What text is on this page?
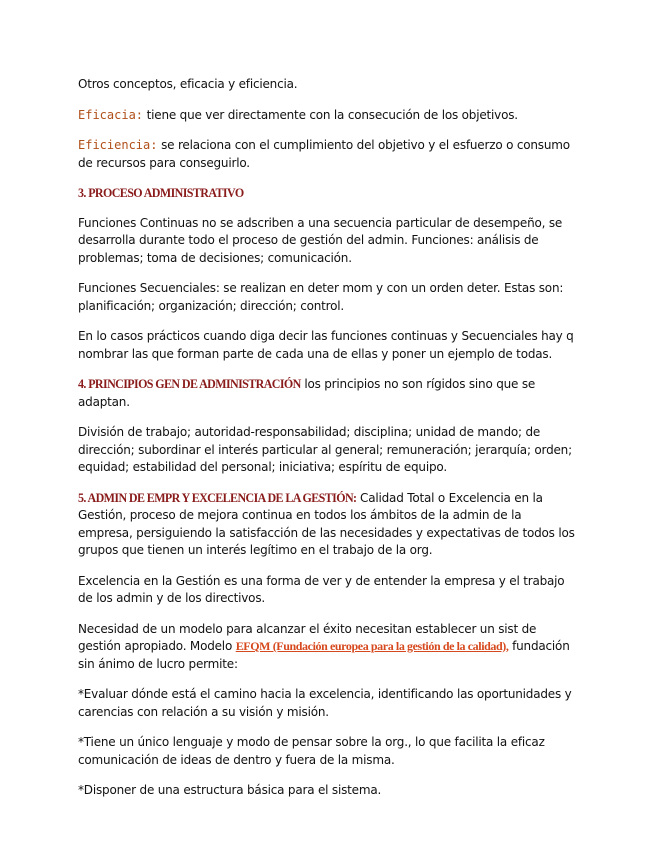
Otros conceptos, eficacia y eficiencia.

Eficacia: tiene que ver directamente con la consecución de los objetivos.

Eficiencia: se relaciona con el cumplimiento del objetivo y el esfuerzo o consumo de recursos para conseguirlo.

3. PROCESO ADMINISTRATIVO

Funciones Continuas no se adscriben a una secuencia particular de desempeño, se desarrolla durante todo el proceso de gestión del admin. Funciones: análisis de problemas; toma de decisiones; comunicación.

Funciones Secuenciales: se realizan en deter mom y con un orden deter. Estas son: planificación; organización; dirección; control.

En lo casos prácticos cuando diga decir las funciones continuas y Secuenciales hay q nombrar las que forman parte de cada una de ellas y poner un ejemplo de todas.

4. PRINCIPIOS GEN DE ADMINISTRACIÓN los principios no son rígidos sino que se adaptan.

División de trabajo; autoridad-responsabilidad; disciplina; unidad de mando; de dirección; subordinar el interés particular al general; remuneración; jerarquía; orden; equidad; estabilidad del personal; iniciativa; espíritu de equipo.

5. ADMIN DE EMPR Y EXCELENCIA DE LA GESTIÓN: Calidad Total o Excelencia en la Gestión, proceso de mejora continua en todos los ámbitos de la admin de la empresa, persiguiendo la satisfacción de las necesidades y expectativas de todos los grupos que tienen un interés legítimo en el trabajo de la org.

Excelencia en la Gestión es una forma de ver y de entender la empresa y el trabajo de los admin y de los directivos.

Necesidad de un modelo para alcanzar el éxito necesitan establecer un sist de gestión apropiado. Modelo EFQM (Fundación europea para la gestión de la calidad), fundación sin ánimo de lucro permite:

*Evaluar dónde está el camino hacia la excelencia, identificando las oportunidades y carencias con relación a su visión y misión.

*Tiene un único lenguaje y modo de pensar sobre la org., lo que facilita la eficaz comunicación de ideas de dentro y fuera de la misma.

*Disponer de una estructura básica para el sistema.
